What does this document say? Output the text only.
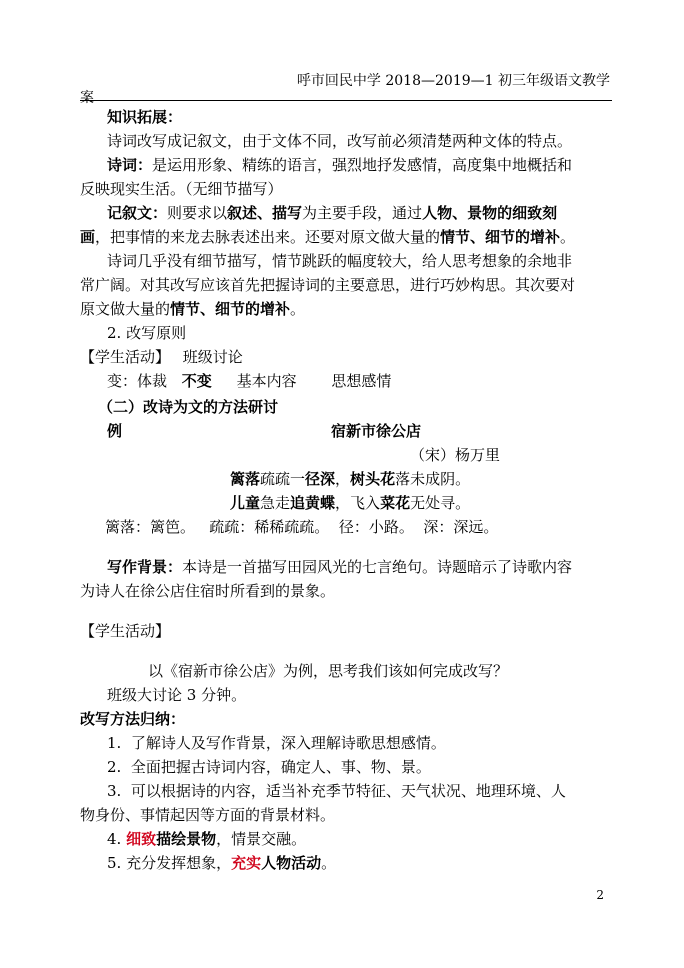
呼市回民中学 2018—2019—1 初三年级语文教学
案
知识拓展：
诗词改写成记叙文，由于文体不同，改写前必须清楚两种文体的特点。
诗词：是运用形象、精练的语言，强烈地抒发感情，高度集中地概括和
反映现实生活。（无细节描写）
记叙文：则要求以叙述、描写为主要手段，通过人物、景物的细致刻
画，把事情的来龙去脉表述出来。还要对原文做大量的情节、细节的增补。
诗词几乎没有细节描写，情节跳跃的幅度较大，给人思考想象的余地非
常广阔。对其改写应该首先把握诗词的主要意思，进行巧妙构思。其次要对
原文做大量的情节、细节的增补。
2. 改写原则
【学生活动】 班级讨论
变：体裁 不变 基本内容 思想感情
（二）改诗为文的方法研讨
例	宿新市徐公店
（宋）杨万里
篱落疏疏一径深，树头花落未成阴。
儿童急走追黄蝶，飞入菜花无处寻。
篱落：篱笆。   疏疏：稀稀疏疏。  径：小路。  深：深远。
写作背景：本诗是一首描写田园风光的七言绝句。诗题暗示了诗歌内容
为诗人在徐公店住宿时所看到的景象。
【学生活动】
以《宿新市徐公店》为例，思考我们该如何完成改写？
班级大讨论 3 分钟。
改写方法归纳：
1.  了解诗人及写作背景，深入理解诗歌思想感情。
2.  全面把握古诗词内容，确定人、事、物、景。
3.  可以根据诗的内容，适当补充季节特征、天气状况、地理环境、人
物身份、事情起因等方面的背景材料。
4. 细致描绘景物，情景交融。
5. 充分发挥想象，充实人物活动。
2
